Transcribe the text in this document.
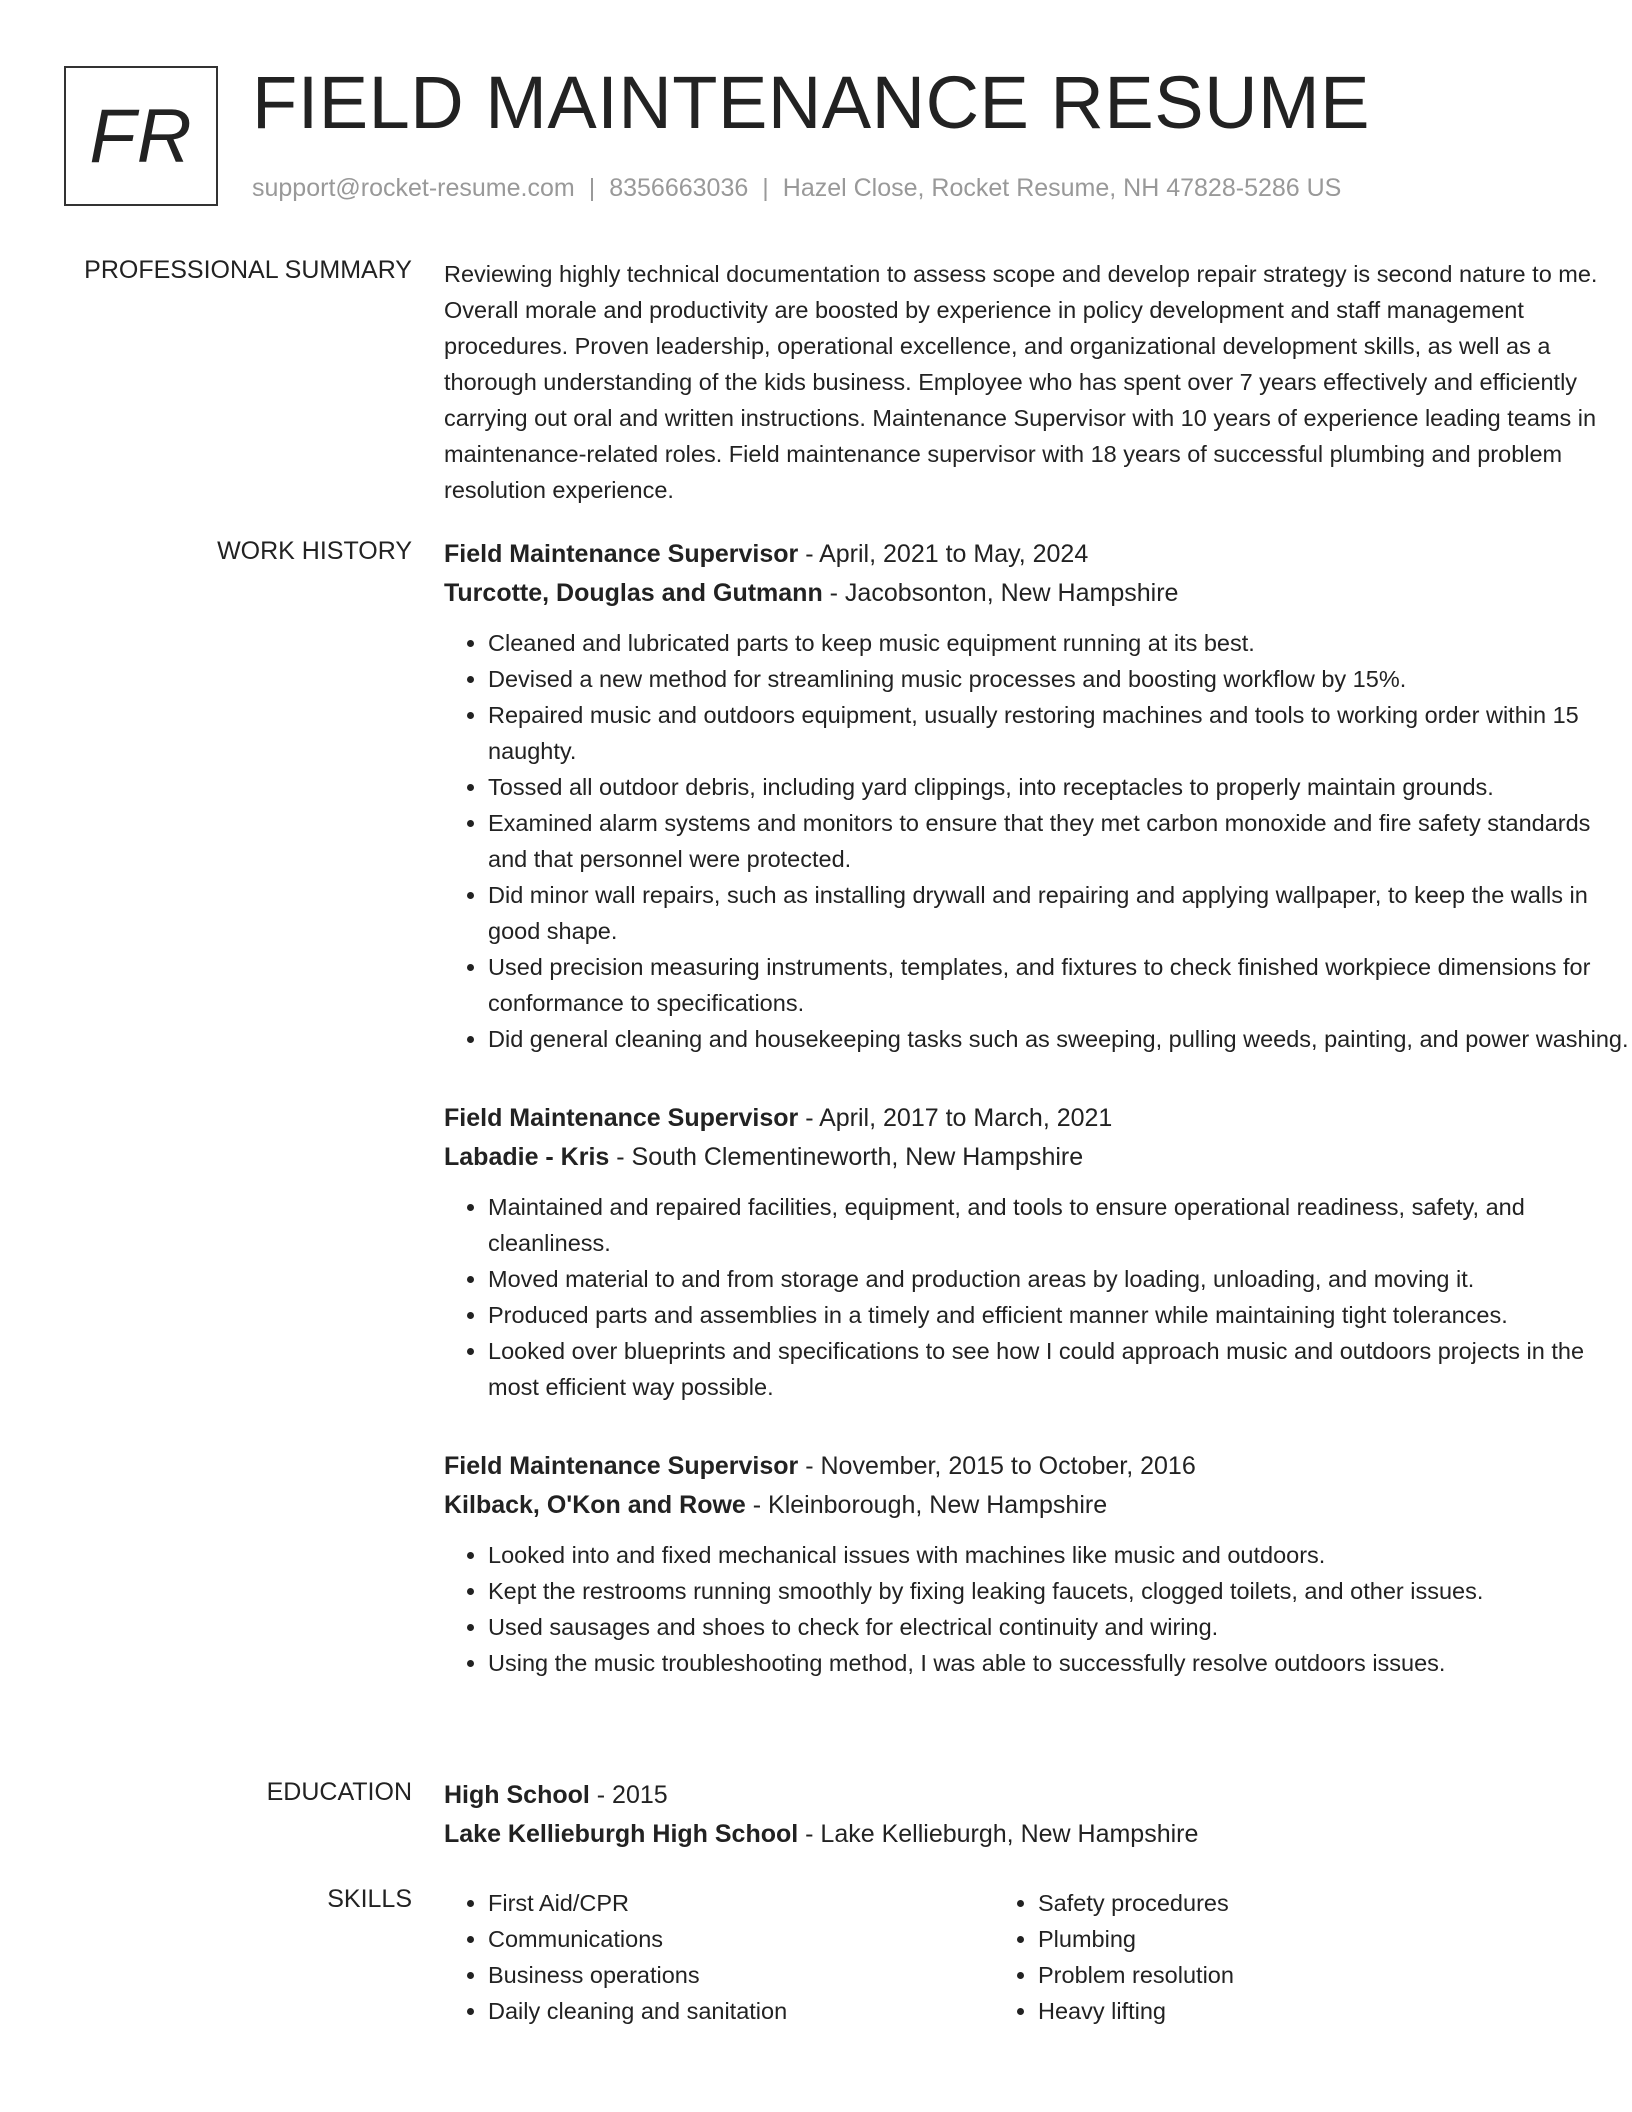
FR FIELD MAINTENANCE RESUME
support@rocket-resume.com | 8356663036 | Hazel Close, Rocket Resume, NH 47828-5286 US
PROFESSIONAL SUMMARY Reviewing highly technical documentation to assess scope and develop repair strategy is second nature to me. Overall morale and productivity are boosted by experience in policy development and staff management procedures. Proven leadership, operational excellence, and organizational development skills, as well as a thorough understanding of the kids business. Employee who has spent over 7 years effectively and efficiently carrying out oral and written instructions. Maintenance Supervisor with 10 years of experience leading teams in maintenance-related roles. Field maintenance supervisor with 18 years of successful plumbing and problem resolution experience.

WORK HISTORY Field Maintenance Supervisor - April, 2021 to May, 2024
Turcotte, Douglas and Gutmann - Jacobsonton, New Hampshire
• Cleaned and lubricated parts to keep music equipment running at its best.
• Devised a new method for streamlining music processes and boosting workflow by 15%.
• Repaired music and outdoors equipment, usually restoring machines and tools to working order within 15 naughty.
• Tossed all outdoor debris, including yard clippings, into receptacles to properly maintain grounds.
• Examined alarm systems and monitors to ensure that they met carbon monoxide and fire safety standards and that personnel were protected.
• Did minor wall repairs, such as installing drywall and repairing and applying wallpaper, to keep the walls in good shape.
• Used precision measuring instruments, templates, and fixtures to check finished workpiece dimensions for conformance to specifications.
• Did general cleaning and housekeeping tasks such as sweeping, pulling weeds, painting, and power washing.
Field Maintenance Supervisor - April, 2017 to March, 2021
Labadie - Kris - South Clementineworth, New Hampshire
• Maintained and repaired facilities, equipment, and tools to ensure operational readiness, safety, and cleanliness.
• Moved material to and from storage and production areas by loading, unloading, and moving it.
• Produced parts and assemblies in a timely and efficient manner while maintaining tight tolerances.
• Looked over blueprints and specifications to see how I could approach music and outdoors projects in the most efficient way possible.
Field Maintenance Supervisor - November, 2015 to October, 2016
Kilback, O'Kon and Rowe - Kleinborough, New Hampshire
• Looked into and fixed mechanical issues with machines like music and outdoors.
• Kept the restrooms running smoothly by fixing leaking faucets, clogged toilets, and other issues.
• Used sausages and shoes to check for electrical continuity and wiring.
• Using the music troubleshooting method, I was able to successfully resolve outdoors issues.
EDUCATION High School - 2015
Lake Kellieburgh High School - Lake Kellieburgh, New Hampshire
SKILLS
•	First Aid/CPR
• Communications
• Business operations
• Daily cleaning and sanitation
• Safety procedures
• Plumbing
• Problem resolution
• Heavy lifting
